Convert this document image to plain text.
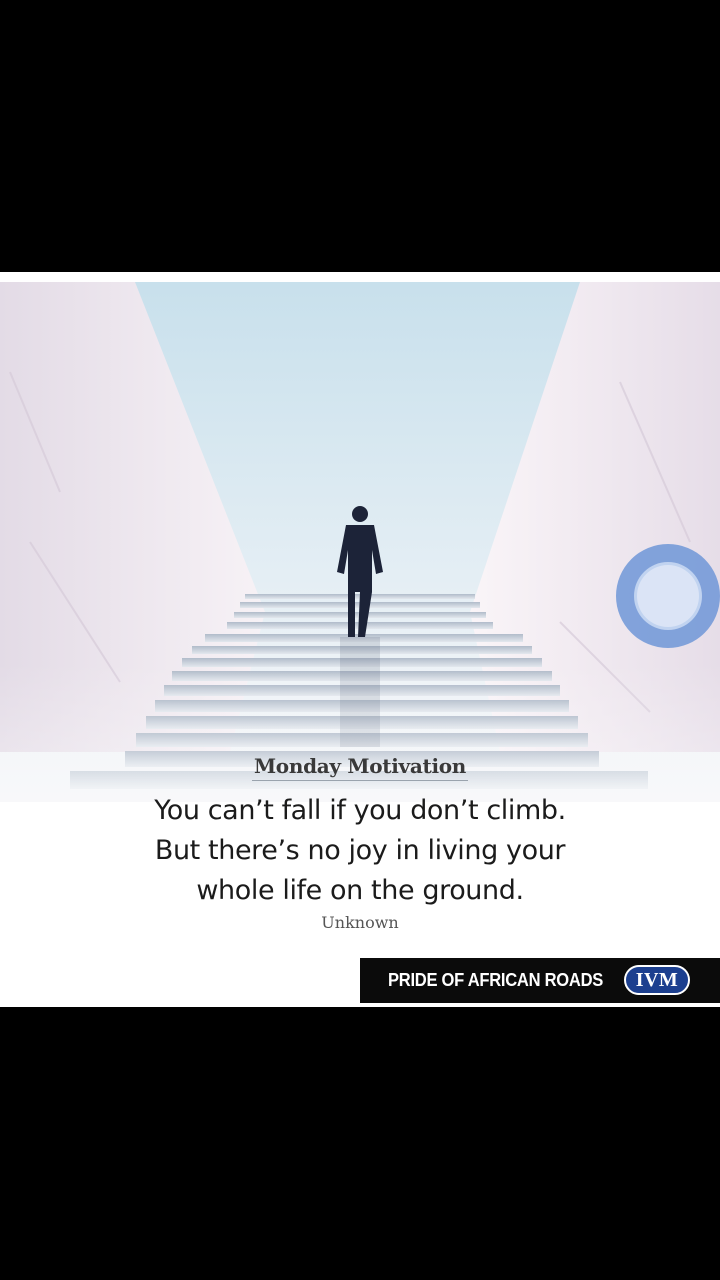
Monday Motivation
You can’t fall if you don’t climb.
But there’s no joy in living your
whole life on the ground.
Unknown
PRIDE OF AFRICAN ROADS IVM
